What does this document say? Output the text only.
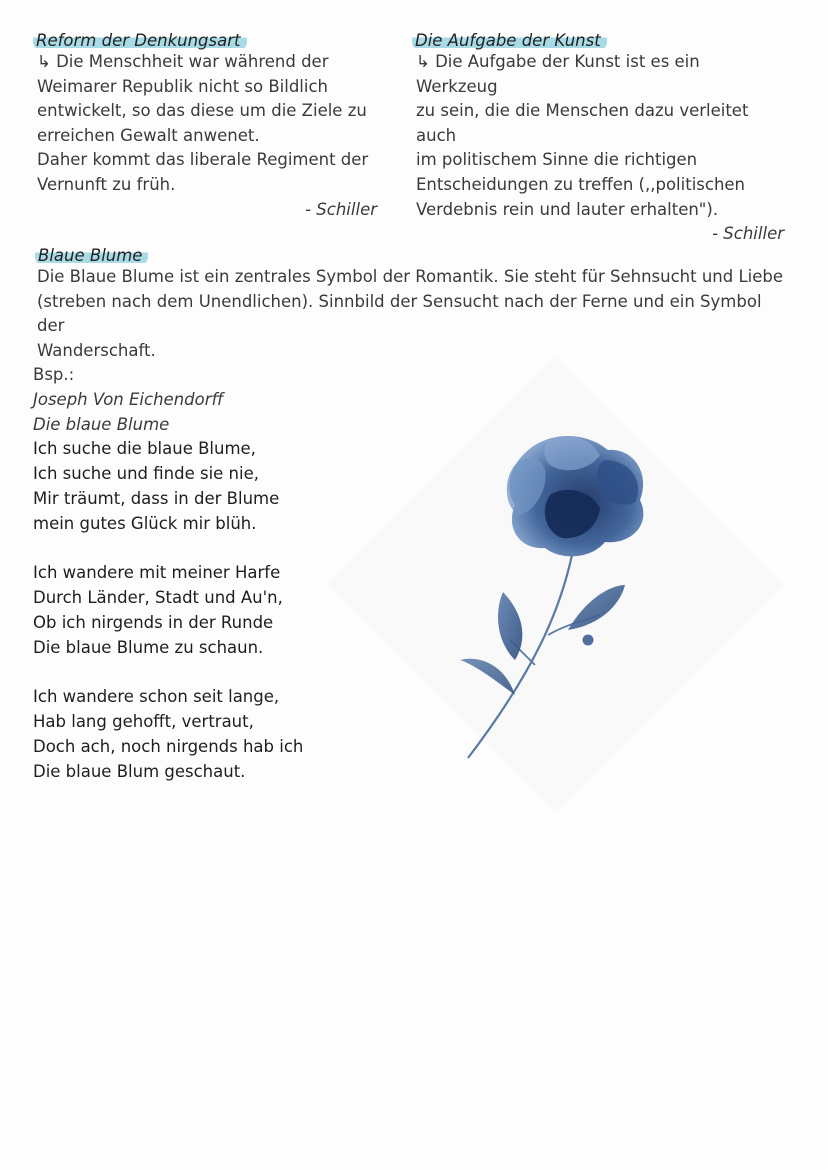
Reform der Denkungsart
↳ Die Menschheit war während der
Weimarer Republik nicht so Bildlich
entwickelt, so das diese um die Ziele zu
erreichen Gewalt anwenet.
Daher kommt das liberale Regiment der
Vernunft zu früh.
- Schiller
Die Aufgabe der Kunst
↳ Die Aufgabe der Kunst ist es ein Werkzeug
zu sein, die die Menschen dazu verleitet auch
im politischem Sinne die richtigen
Entscheidungen zu treffen (,,politischen
Verdebnis rein und lauter erhalten").
- Schiller
Blaue Blume
Die Blaue Blume ist ein zentrales Symbol der Romantik. Sie steht für Sehnsucht und Liebe
(streben nach dem Unendlichen). Sinnbild der Sensucht nach der Ferne und ein Symbol der
Wanderschaft.
Bsp.:
Joseph Von Eichendorff
Die blaue Blume
Ich suche die blaue Blume,
Ich suche und finde sie nie,
Mir träumt, dass in der Blume
mein gutes Glück mir blüh.
Ich wandere mit meiner Harfe
Durch Länder, Stadt und Au'n,
Ob ich nirgends in der Runde
Die blaue Blume zu schaun.
Ich wandere schon seit lange,
Hab lang gehofft, vertraut,
Doch ach, noch nirgends hab ich
Die blaue Blum geschaut.
